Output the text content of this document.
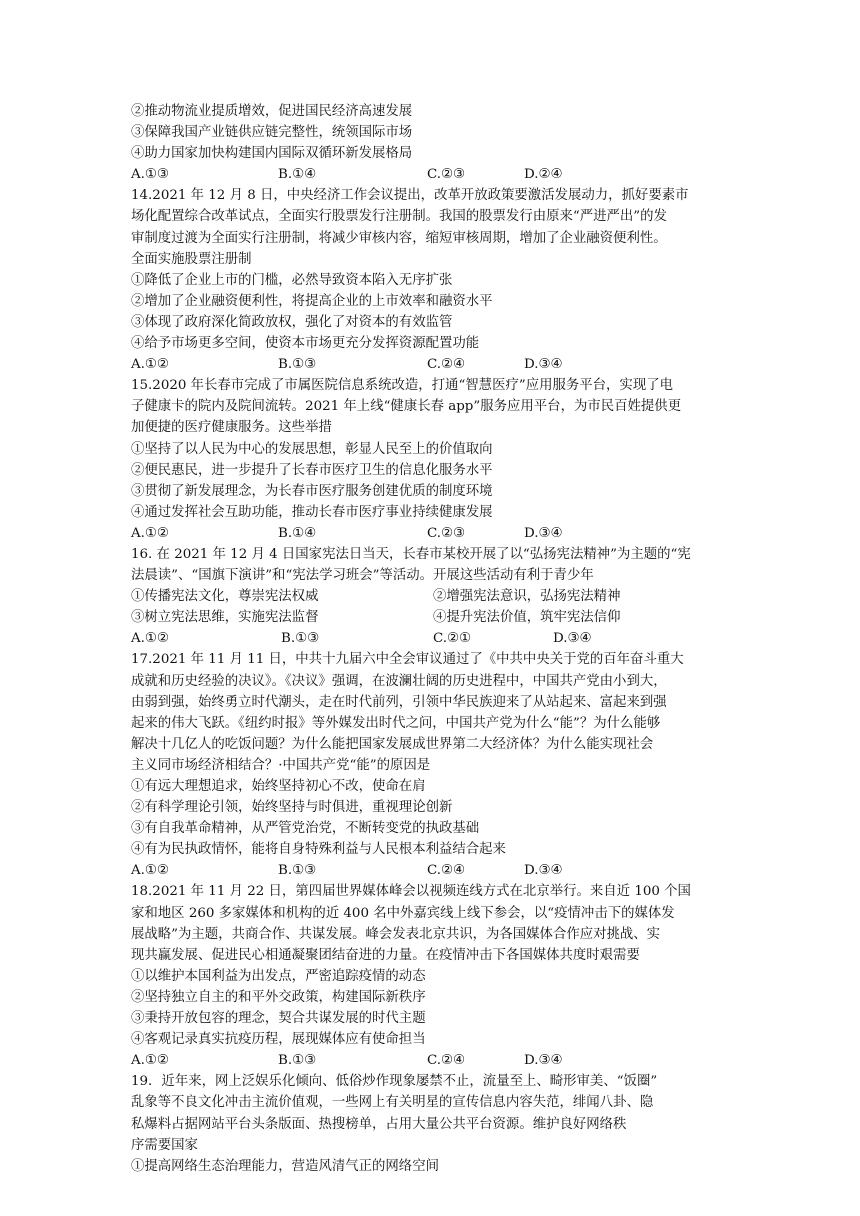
②推动物流业提质增效，促进国民经济高速发展
③保障我国产业链供应链完整性，统领国际市场
④助力国家加快构建国内国际双循环新发展格局
A.①③	B.①④	C.②③	D.②④
14.2021 年 12 月 8 日，中央经济工作会议提出，改革开放政策要激活发展动力，抓好要素市
场化配置综合改革试点，全面实行股票发行注册制。我国的股票发行由原来“严进严出”的发
审制度过渡为全面实行注册制，将减少审核内容，缩短审核周期，增加了企业融资便利性。
全面实施股票注册制
①降低了企业上市的门槛，必然导致资本陷入无序扩张
②增加了企业融资便利性，将提高企业的上市效率和融资水平
③体现了政府深化简政放权，强化了对资本的有效监管
④给予市场更多空间，使资本市场更充分发挥资源配置功能
A.①②	B.①③	C.②④	D.③④
15.2020 年长春市完成了市属医院信息系统改造，打通“智慧医疗”应用服务平台，实现了电
子健康卡的院内及院间流转。2021 年上线“健康长春 app”服务应用平台，为市民百姓提供更
加便捷的医疗健康服务。这些举措
①坚持了以人民为中心的发展思想，彰显人民至上的价值取向
②便民惠民，进一步提升了长春市医疗卫生的信息化服务水平
③贯彻了新发展理念，为长春市医疗服务创建优质的制度环境
④通过发挥社会互助功能，推动长春市医疗事业持续健康发展
A.①②	B.①④	C.②③	D.③④
16. 在 2021 年 12 月 4 日国家宪法日当天，长春市某校开展了以“弘扬宪法精神”为主题的“宪
法晨读”、“国旗下演讲”和“宪法学习班会”等活动。开展这些活动有利于青少年
①传播宪法文化，尊崇宪法权威	②增强宪法意识，弘扬宪法精神
③树立宪法思维，实施宪法监督	④提升宪法价值，筑牢宪法信仰
A.①②	B.①③	C.②①	D.③④
17.2021 年 11 月 11 日，中共十九届六中全会审议通过了《中共中央关于党的百年奋斗重大
成就和历史经验的决议》。《决议》强调，在波澜壮阔的历史进程中，中国共产党由小到大，
由弱到强，始终勇立时代潮头，走在时代前列，引领中华民族迎来了从站起来、富起来到强
起来的伟大飞跃。《纽约时报》等外媒发出时代之问，中国共产党为什么“能”？为什么能够
解决十几亿人的吃饭问题？为什么能把国家发展成世界第二大经济体？为什么能实现社会
主义同市场经济相结合？·中国共产党“能”的原因是
①有远大理想追求，始终坚持初心不改，使命在肩
②有科学理论引领，始终坚持与时俱进，重视理论创新
③有自我革命精神，从严管党治党，不断转变党的执政基础
④有为民执政情怀，能将自身特殊利益与人民根本利益结合起来
A.①②	B.①③	C.②④	D.③④
18.2021 年 11 月 22 日，第四届世界媒体峰会以视频连线方式在北京举行。来自近 100 个国
家和地区 260 多家媒体和机构的近 400 名中外嘉宾线上线下参会，以“疫情冲击下的媒体发
展战略”为主题，共商合作、共谋发展。峰会发表北京共识，为各国媒体合作应对挑战、实
现共赢发展、促进民心相通凝聚团结奋进的力量。在疫情冲击下各国媒体共度时艰需要
①以维护本国利益为出发点，严密追踪疫情的动态
②坚持独立自主的和平外交政策，构建国际新秩序
③秉持开放包容的理念，契合共谋发展的时代主题
④客观记录真实抗疫历程，展现媒体应有使命担当
A.①②	B.①③	C.②④	D.③④
19．近年来，网上泛娱乐化倾向、低俗炒作现象屡禁不止，流量至上、畸形审美、“饭圈”
乱象等不良文化冲击主流价值观，一些网上有关明星的宣传信息内容失范，绯闻八卦、隐
私爆料占据网站平台头条版面、热搜榜单，占用大量公共平台资源。维护良好网络秩
序需要国家
①提高网络生态治理能力，营造风清气正的网络空间
